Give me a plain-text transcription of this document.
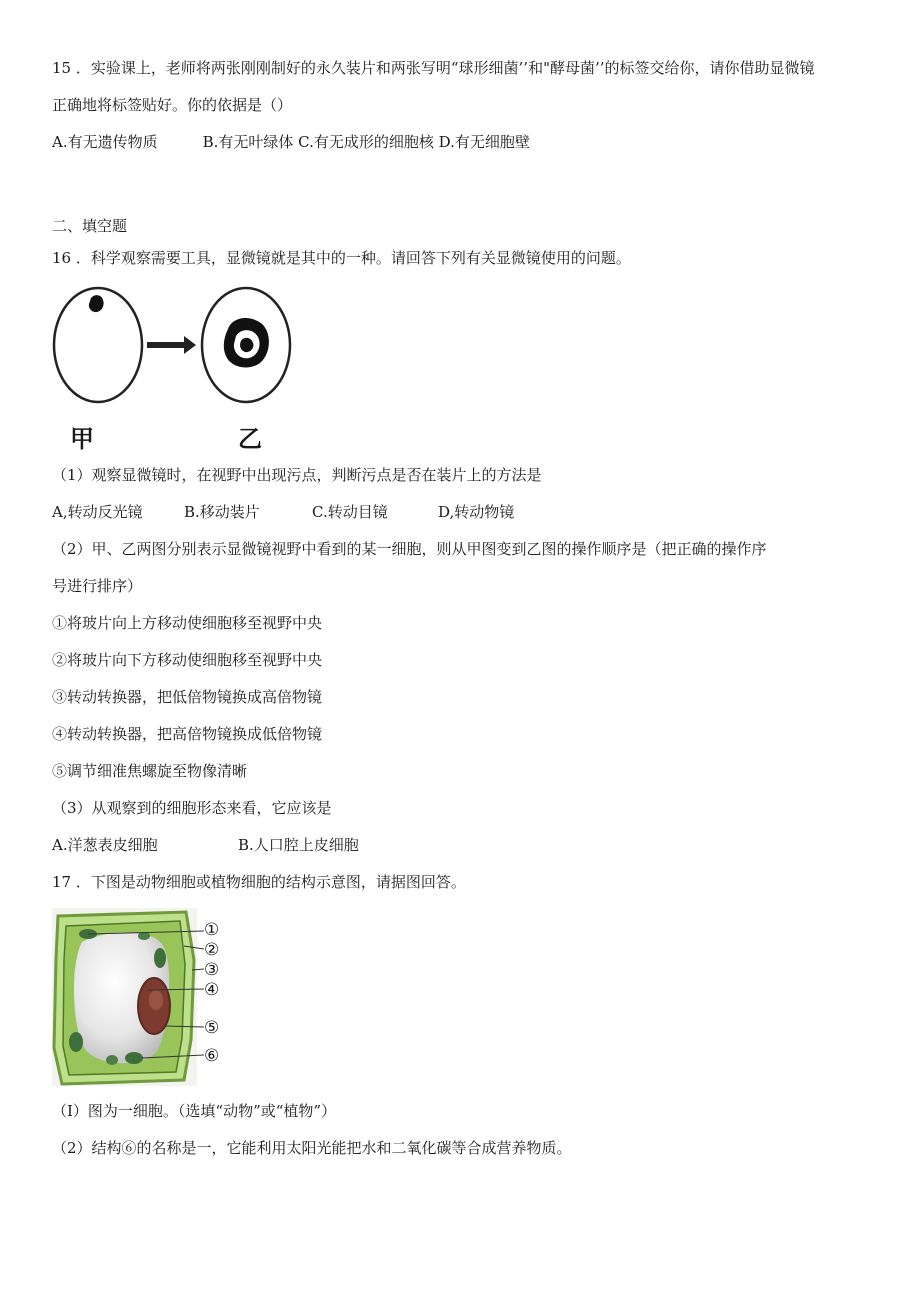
15 ．实验课上，老师将两张刚刚制好的永久装片和两张写明“球形细菌’’和"酵母菌’’的标签交给你，请你借助显微镜
正确地将标签贴好。你的依据是（）
A.有无遗传物质　　　B.有无叶绿体 C.有无成形的细胞核 D.有无细胞壁
二、填空题
16 ．科学观察需要工具，显微镜就是其中的一种。请回答下列有关显微镜使用的问题。
甲	乙
（1）观察显微镜时，在视野中出现污点，判断污点是否在装片上的方法是
A,转动反光镜	B.移动装片	C.转动目镜	D,转动物镜
（2）甲、乙两图分别表示显微镜视野中看到的某一细胞，则从甲图变到乙图的操作顺序是（把正确的操作序
号进行排序）
①将玻片向上方移动使细胞移至视野中央
②将玻片向下方移动使细胞移至视野中央
③转动转换器，把低倍物镜换成高倍物镜
④转动转换器，把高倍物镜换成低倍物镜
⑤调节细准焦螺旋至物像清晰
（3）从观察到的细胞形态来看，它应该是
A.洋葱表皮细胞	B.人口腔上皮细胞
17 ．下图是动物细胞或植物细胞的结构示意图，请据图回答。
①
②
③
④
⑤
⑥
（I）图为一细胞。（选填“动物”或“植物”）
（2）结构⑥的名称是一，它能利用太阳光能把水和二氧化碳等合成营养物质。
